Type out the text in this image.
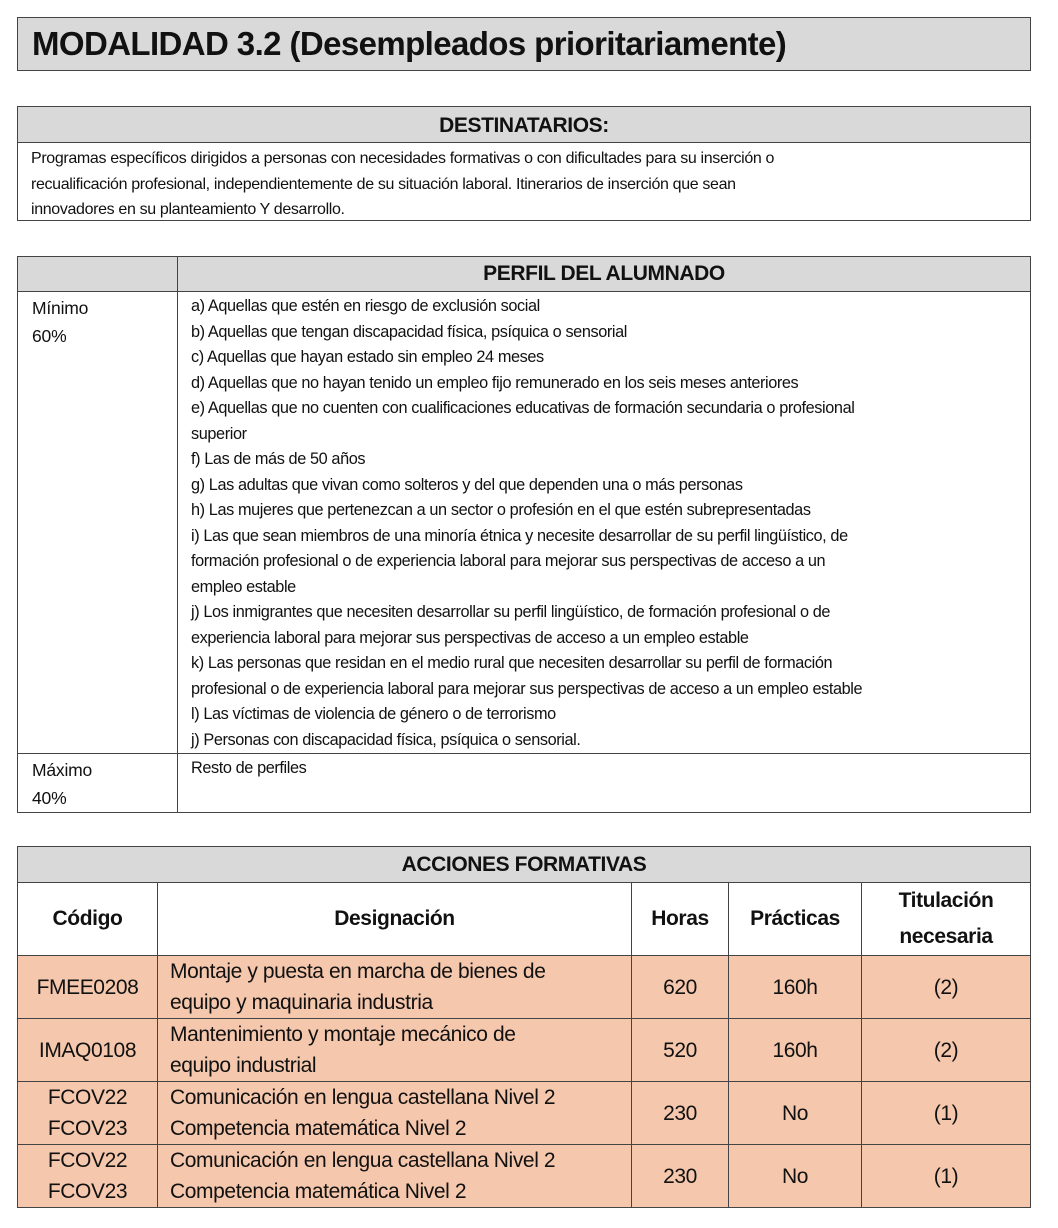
MODALIDAD 3.2 (Desempleados prioritariamente)
DESTINATARIOS:
Programas específicos dirigidos a personas con necesidades formativas o con dificultades para su inserción o
recualificación profesional, independientemente de su situación laboral. Itinerarios de inserción que sean
innovadores en su planteamiento Y desarrollo.
	PERFIL DEL ALUMNADO

Mínimo
60%

a) Aquellas que estén en riesgo de exclusión social
b) Aquellas que tengan discapacidad física, psíquica o sensorial
c) Aquellas que hayan estado sin empleo 24 meses
d) Aquellas que no hayan tenido un empleo fijo remunerado en los seis meses anteriores
e) Aquellas que no cuenten con cualificaciones educativas de formación secundaria o profesional
superior
f) Las de más de 50 años
g) Las adultas que vivan como solteros y del que dependen una o más personas
h) Las mujeres que pertenezcan a un sector o profesión en el que estén subrepresentadas
i) Las que sean miembros de una minoría étnica y necesite desarrollar de su perfil lingüístico, de
formación profesional o de experiencia laboral para mejorar sus perspectivas de acceso a un
empleo estable
j) Los inmigrantes que necesiten desarrollar su perfil lingüístico, de formación profesional o de
experiencia laboral para mejorar sus perspectivas de acceso a un empleo estable
k) Las personas que residan en el medio rural que necesiten desarrollar su perfil de formación
profesional o de experiencia laboral para mejorar sus perspectivas de acceso a un empleo estable
l) Las víctimas de violencia de género o de terrorismo
j) Personas con discapacidad física, psíquica o sensorial.

Máximo
40%	Resto de perfiles
ACCIONES FORMATIVAS				
Código	Designación	Horas	Prácticas	Titulación
necesaria

FMEE0208	Montaje y puesta en marcha de bienes de
equipo y maquinaria industria	620	160h	(2)

IMAQ0108	Mantenimiento y montaje mecánico de
equipo industrial	520	160h	(2)

FCOV22
FCOV23	Comunicación en lengua castellana Nivel 2
Competencia matemática Nivel 2	230	No	(1)

FCOV22
FCOV23	Comunicación en lengua castellana Nivel 2
Competencia matemática Nivel 2	230	No	(1)
